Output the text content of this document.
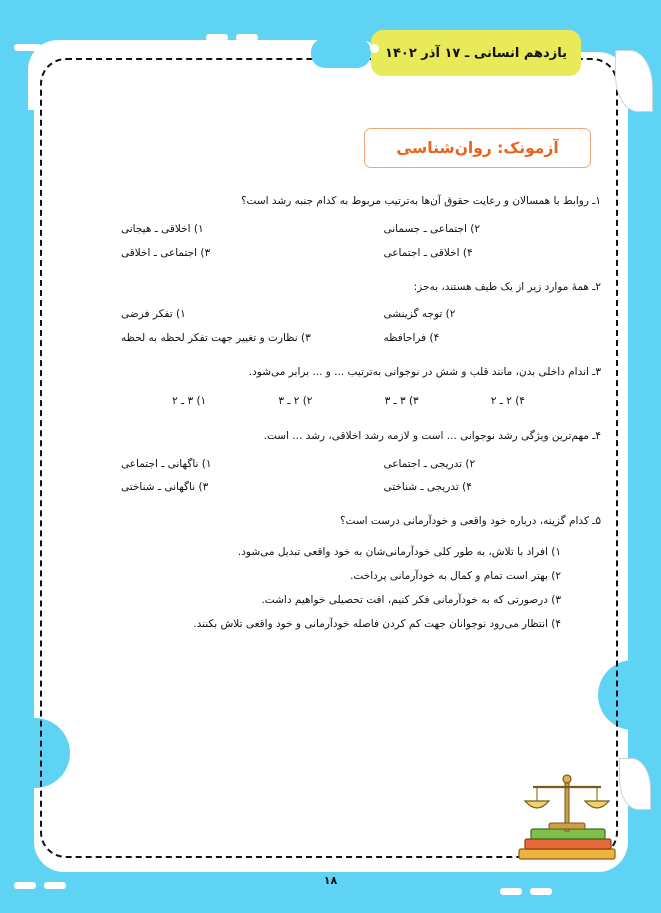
یازدهم انسانی ـ ۱۷ آذر ۱۴۰۲
آزمونک: روان‌شناسی
۱ـ روابط با همسالان و رعایت حقوق آن‌ها به‌ترتیب مربوط به کدام جنبه رشد است؟
۲) اجتماعی ـ جسمانی
۱) اخلاقی ـ هیجانی
۴) اخلاقی ـ اجتماعی
۳) اجتماعی ـ اخلاقی
۲ـ همهٔ موارد زیر از یک طیف هستند، به‌جز:
۲) توجه گزینشی
۱) تفکر فرضی
۴) فراحافظه
۳) نظارت و تغییر جهت تفکر لحظه به لحظه
۳ـ اندام داخلی بدن، مانند قلب و شش در نوجوانی به‌ترتیب ... و ... برابر می‌شود.
۴) ۲ ـ ۲
۳) ۳ ـ ۳
۲) ۲ ـ ۳
۱) ۳ ـ ۲
۴ـ مهم‌ترین ویژگی رشد نوجوانی ... است و لازمه رشد اخلاقی، رشد ... است.
۲) تدریجی ـ اجتماعی
۱) ناگهانی ـ اجتماعی
۴) تدریجی ـ شناختی
۳) ناگهانی ـ شناختی
۵ـ کدام گزینه، درباره خود واقعی و خودآرمانی درست است؟
۱) افراد با تلاش، به طور کلی خودآرمانی‌شان به خود واقعی تبدیل می‌شود.
۲) بهتر است تمام و کمال به خودآرمانی پرداخت.
۳) درصورتی که به خودآرمانی فکر کنیم، افت تحصیلی خواهیم داشت.
۴) انتظار می‌رود نوجوانان جهت کم کردن فاصله خودآرمانی و خود واقعی تلاش بکنند.
۱۸
